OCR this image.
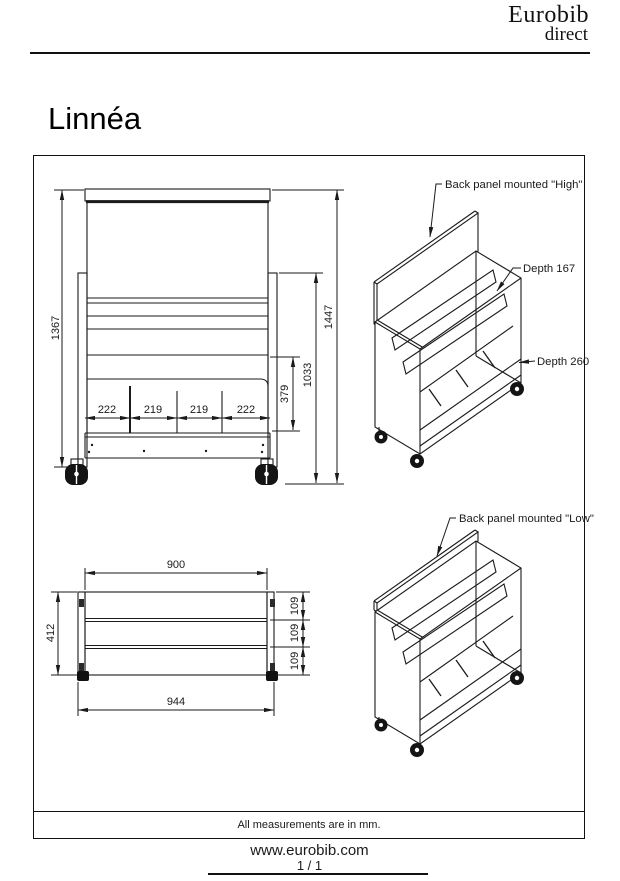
Eurobib
direct
Linnéa
1367	1447
1033
379
222	219	219	222
900
944
412
109
109
109
Back panel mounted "High"
Depth 167
Depth 260
Back panel mounted "Low"
All measurements are in mm.
www.eurobib.com
1 / 1
